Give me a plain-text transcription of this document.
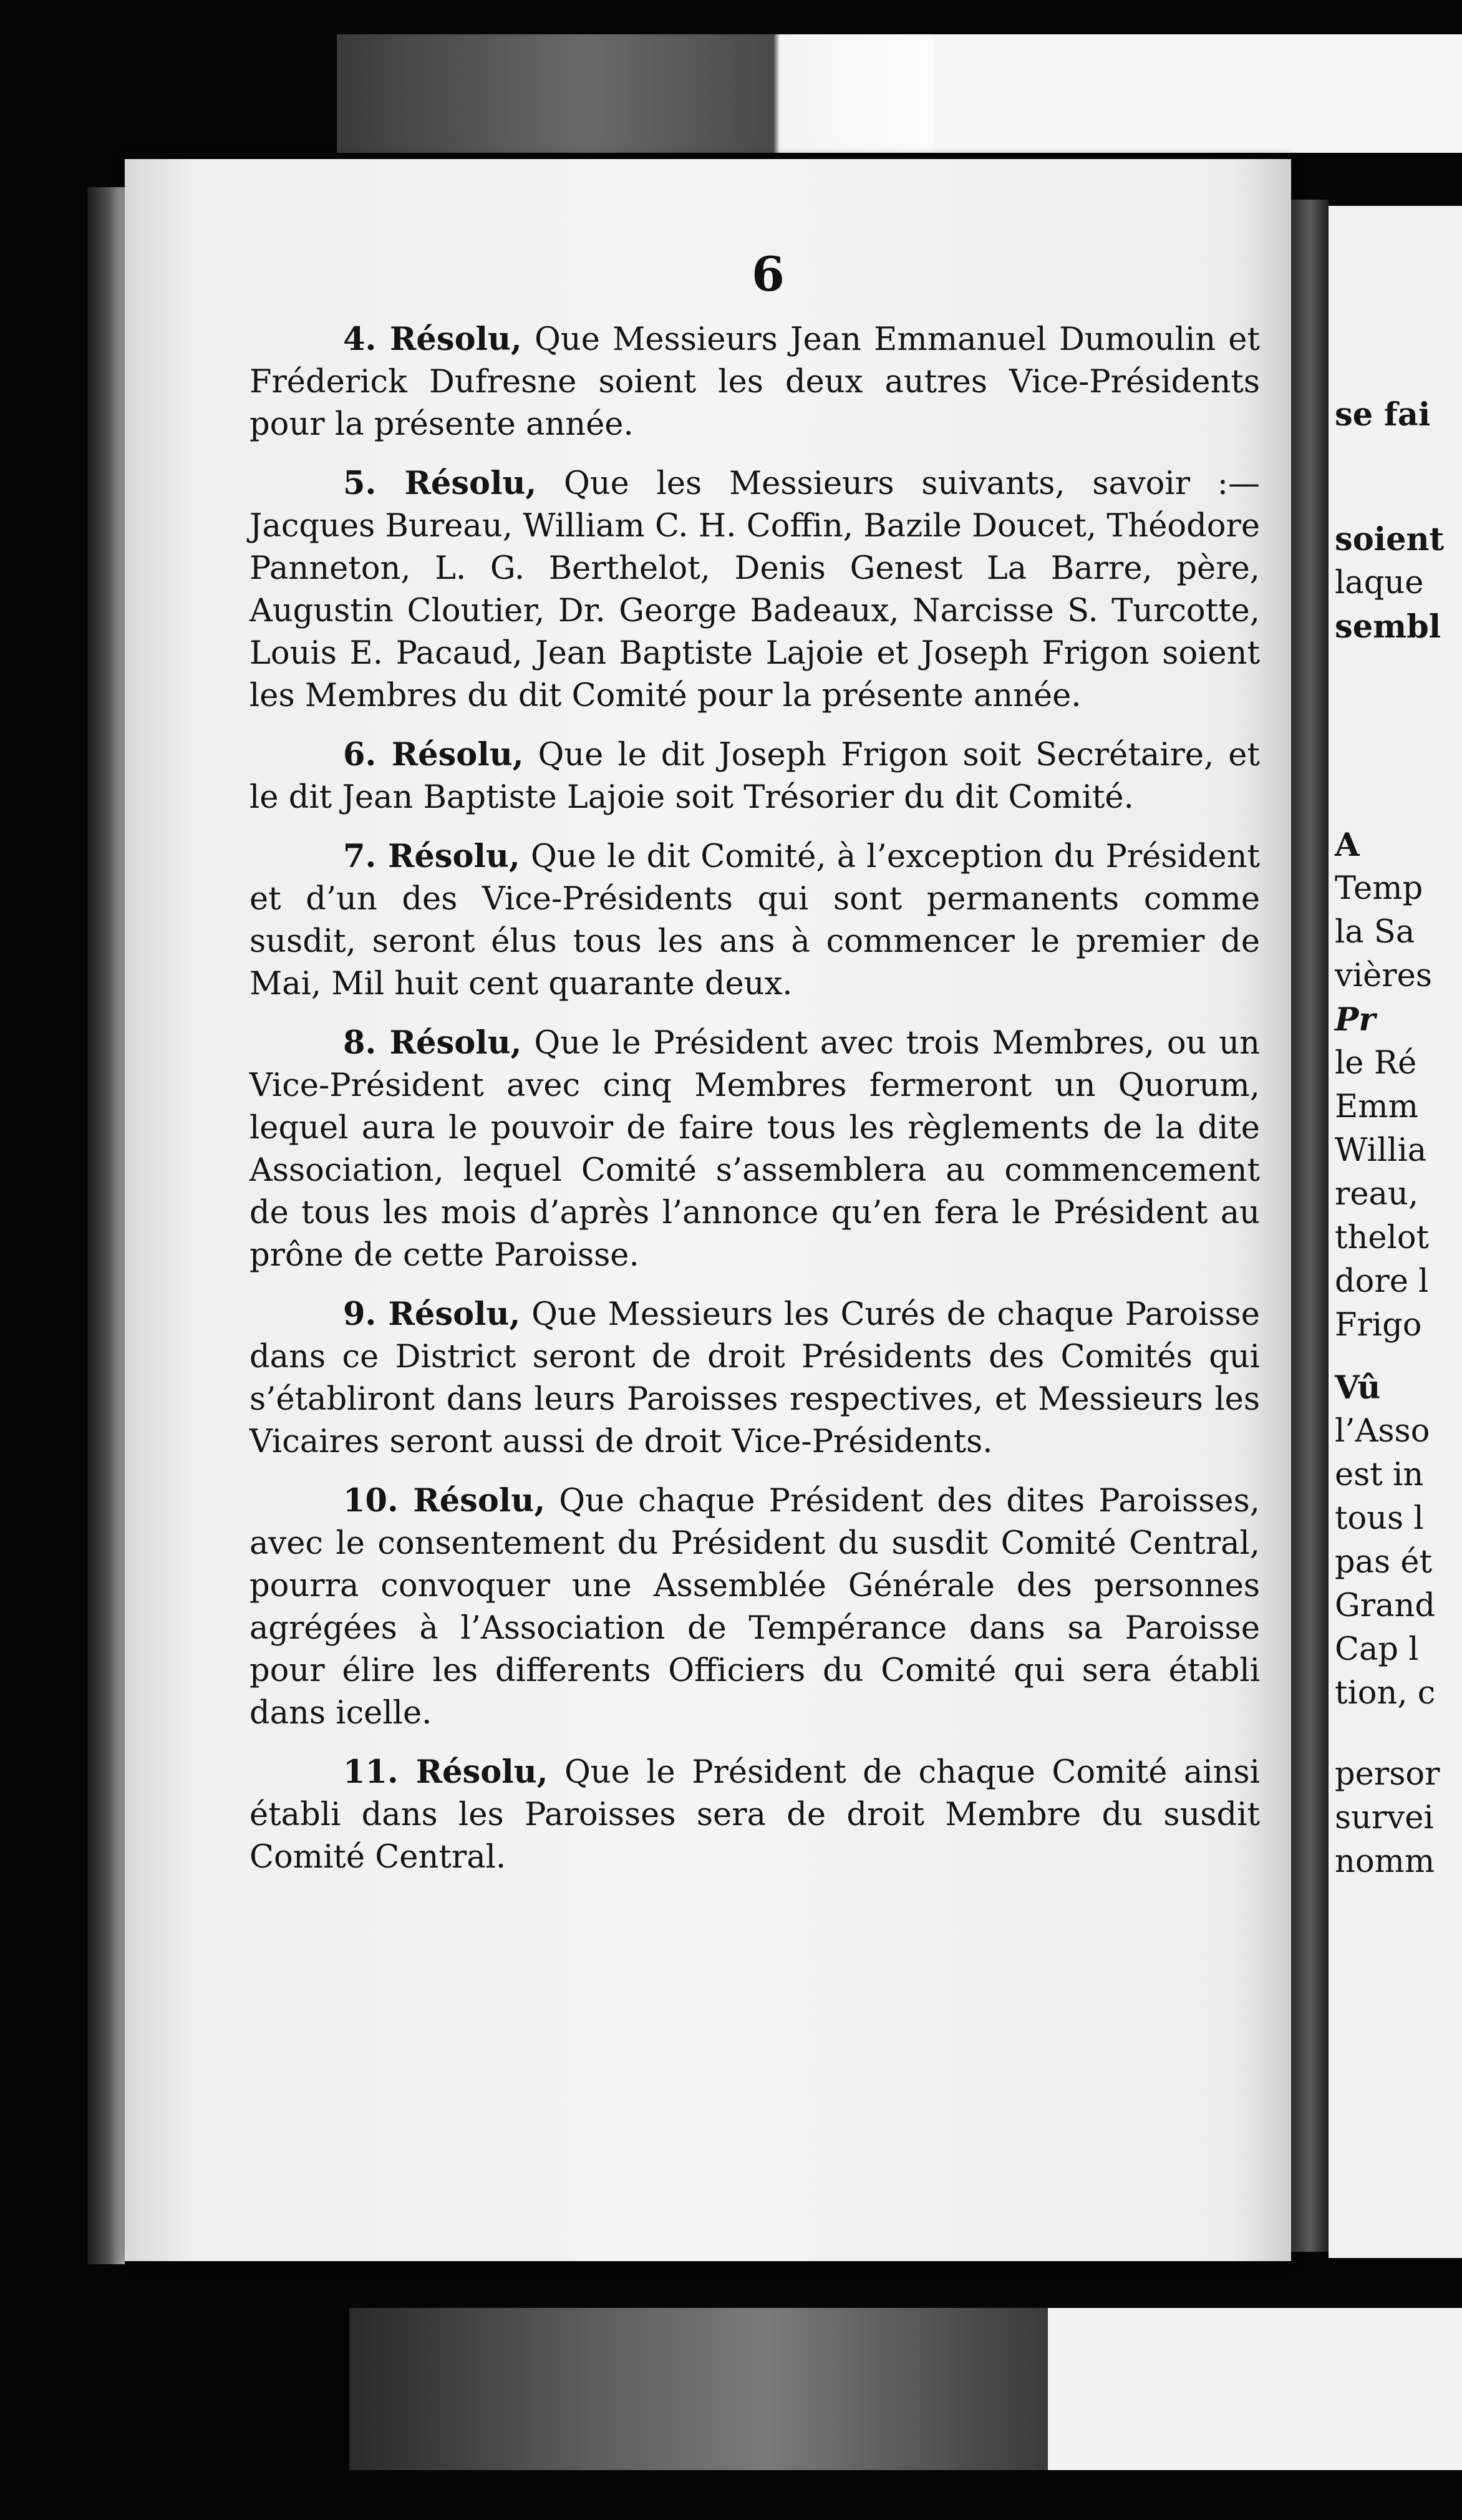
6

4. Résolu, Que Messieurs Jean Emmanuel Dumoulin et Fréderick Dufresne soient les deux autres Vice-Présidents pour la présente année.

5. Résolu, Que les Messieurs suivants, savoir :—Jacques Bureau, William C. H. Coffin, Bazile Doucet, Théodore Panneton, L. G. Berthelot, Denis Genest La Barre, père, Augustin Cloutier, Dr. George Badeaux, Narcisse S. Turcotte, Louis E. Pacaud, Jean Baptiste Lajoie et Joseph Frigon soient les Membres du dit Comité pour la présente année.

6. Résolu, Que le dit Joseph Frigon soit Secrétaire, et le dit Jean Baptiste Lajoie soit Trésorier du dit Comité.

7. Résolu, Que le dit Comité, à l’exception du Président et d’un des Vice-Présidents qui sont permanents comme susdit, seront élus tous les ans à commencer le premier de Mai, Mil huit cent quarante deux.

8. Résolu, Que le Président avec trois Membres, ou un Vice-Président avec cinq Membres fermeront un Quorum, lequel aura le pouvoir de faire tous les règlements de la dite Association, lequel Comité s’assemblera au commencement de tous les mois d’après l’annonce qu’en fera le Président au prône de cette Paroisse.

9. Résolu, Que Messieurs les Curés de chaque Paroisse dans ce District seront de droit Présidents des Comités qui s’établiront dans leurs Paroisses respectives, et Messieurs les Vicaires seront aussi de droit Vice-Présidents.

10. Résolu, Que chaque Président des dites Paroisses, avec le consentement du Président du susdit Comité Central, pourra convoquer une Assemblée Générale des personnes agrégées à l’Association de Tempérance dans sa Paroisse pour élire les differents Officiers du Comité qui sera établi dans icelle.

11. Résolu, Que le Président de chaque Comité ainsi établi dans les Paroisses sera de droit Membre du susdit Comité Central.

se fai
soient
laque
sembl
A
Temp
la Sa
vières
Pr
le Ré
Emm
Willia
reau,
thelot
dore l
Frigo
Vû
l’Asso
est in
tous l
pas ét
Grand
Cap l
tion, c
persor
survei
nomm
